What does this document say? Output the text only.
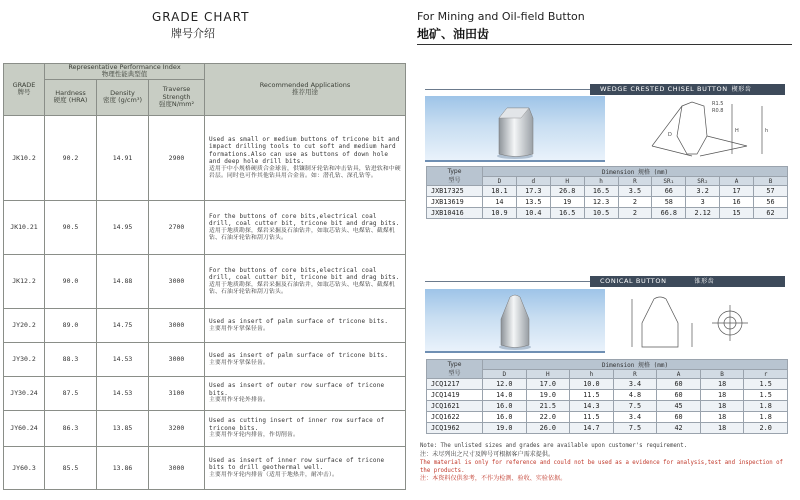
GRADE CHART
牌号介绍
GRADE
牌号	Representative Performance Index
物理性能典型值			Recommended Applications
推荐用途

	Hardness
硬度 (HRA)	Density
密度 (g/cm³)	Traverse Strength
强度N/mm²	

JK10.2	90.2	14.91	2900	Used as small or medium buttons of tricone bit and impact drilling tools to cut soft and medium hard formations.Also can use as buttons of down hole and deep hole drill bits.
适用于中小规格硬质合金球齿，供镶制牙轮钻和冲击钻具，钻进软和中硬岩层。同时也可作其他钻具用合金齿。如：潜孔钻、深孔钻等。

JK10.21	90.5	14.95	2700	For the buttons of core bits,electrical coal drill, coal cutter bit, tricone bit and drag bits.
适用于地质勘探，煤岩采掘及石油钻井，如取芯钻头、电煤钻、截煤机钻、石油牙轮钻和刮刀钻头。

JK12.2	90.0	14.88	3000	For the buttons of core bits,electrical coal drill, coal cutter bit, tricone bit and drag bits.
适用于地质勘探，煤岩采掘及石油钻井，如取芯钻头、电煤钻、截煤机钻、石油牙轮钻和刮刀钻头。

JY20.2	89.0	14.75	3000	Used as insert of palm surface of tricone bits.
主要用作牙掌保径齿。

JY30.2	88.3	14.53	3000	Used as insert of palm surface of tricone bits.
主要用作牙掌保径齿。

JY30.24	87.5	14.53	3100	Used as insert of outer row surface of tricone bits.
主要用作牙轮外排齿。

JY60.24	86.3	13.85	3200	Used as cutting insert of inner row surface of tricone bits.
主要用作牙轮内排齿，作切削齿。

JY60.3	85.5	13.86	3000	Used as insert of inner row surface of tricone bits to drill geothermal well.
主要用作牙轮内排齿（适用于地热井，耐冲击）。
For Mining and Oil-field Button
地矿、油田齿
WEDGE CRESTED CHISEL BUTTON 楔形齿
R1.5
R0.8
D
H	h
Type
型号	Dimension 规格 (mm)								
	D	d	H	h	R	SR₁	SR₂	A	B
JXB17325	18.1	17.3	26.8	16.5	3.5	66	3.2	17	57
JXB13619	14	13.5	19	12.3	2	58	3	16	56
JXB10416	10.9	10.4	16.5	10.5	2	66.8	2.12	15	62
CONICAL BUTTON	锥形齿
Type
型号	Dimension 规格 (mm)						
	D	H	h	R	A	B	r
JCQ1217	12.0	17.0	10.0	3.4	60	18	1.5
JCQ1419	14.0	19.0	11.5	4.8	60	18	1.5
JCQ1621	16.0	21.5	14.3	7.5	45	18	1.8
JCQ1622	16.0	22.0	11.5	3.4	60	18	1.8
JCQ1962	19.0	26.0	14.7	7.5	42	18	2.0
Note: The unlisted sizes and grades are available upon customer's requirement.
注：未尽列出之尺寸及牌号可根据客户需求提供。
The material is only for reference and could not be used as a evidence for analysis,test and inspection of the products.
注：本资料仅供参考，不作为检测、验收、实验依据。
